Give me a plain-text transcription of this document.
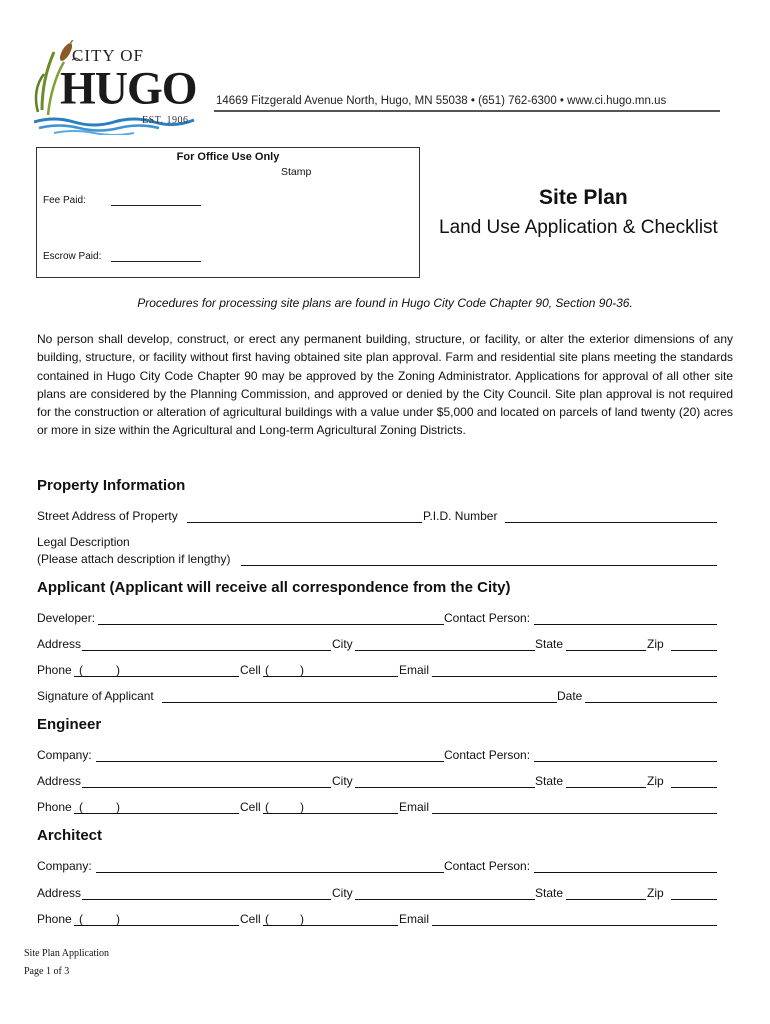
CITY OF
HUGO
EST. 1906
14669 Fitzgerald Avenue North, Hugo, MN 55038 • (651) 762-6300 • www.ci.hugo.mn.us
For Office Use Only
Stamp
Fee Paid:
Escrow Paid:
Site Plan
Land Use Application & Checklist
Procedures for processing site plans are found in Hugo City Code Chapter 90, Section 90-36.
No person shall develop, construct, or erect any permanent building, structure, or facility, or alter the exterior dimensions of any building, structure, or facility without first having obtained site plan approval. Farm and residential site plans meeting the standards contained in Hugo City Code Chapter 90 may be approved by the Zoning Administrator. Applications for approval of all other site plans are considered by the Planning Commission, and approved or denied by the City Council. Site plan approval is not required for the construction or alteration of agricultural buildings with a value under $5,000 and located on parcels of land twenty (20) acres or more in size within the Agricultural and Long-term Agricultural Zoning Districts.
Property Information
Street Address of Property	P.I.D. Number
Legal Description
(Please attach description if lengthy)
Applicant (Applicant will receive all correspondence from the City)
Developer:	Contact Person:
Address	City	State	Zip
Phone (	)	Cell (	)	Email
Signature of Applicant	Date
Engineer
Company:	Contact Person:
Address	City	State	Zip
Phone (	)	Cell (	)	Email
Architect
Company:	Contact Person:
Address	City	State	Zip
Phone (	)	Cell (	)	Email
Site Plan Application
Page 1 of 3
